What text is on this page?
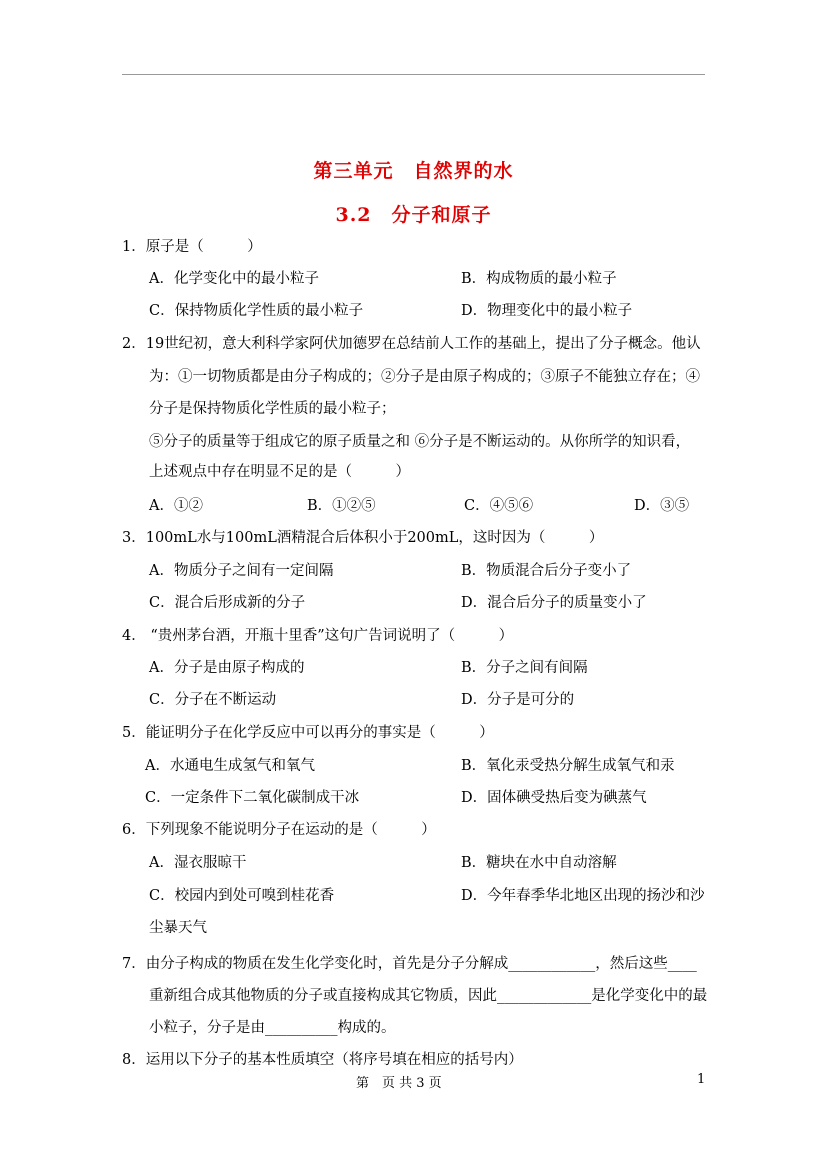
第三单元　自然界的水
3.2　分子和原子
1．原子是（　　　）
A．化学变化中的最小粒子	B．构成物质的最小粒子
C．保持物质化学性质的最小粒子	D．物理变化中的最小粒子
2．19世纪初，意大利科学家阿伏加德罗在总结前人工作的基础上，提出了分子概念。他认
为：①一切物质都是由分子构成的；②分子是由原子构成的；③原子不能独立存在；④
分子是保持物质化学性质的最小粒子；
⑤分子的质量等于组成它的原子质量之和 ⑥分子是不断运动的。从你所学的知识看，
上述观点中存在明显不足的是（　　　）
A．①②	B．①②⑤	C．④⑤⑥	D．③⑤
3．100mL水与100mL酒精混合后体积小于200mL，这时因为（　　　）
A．物质分子之间有一定间隔	B．物质混合后分子变小了
C．混合后形成新的分子	D．混合后分子的质量变小了
4． “贵州茅台酒，开瓶十里香”这句广告词说明了（　　　）
A．分子是由原子构成的	B．分子之间有间隔
C．分子在不断运动	D．分子是可分的
5．能证明分子在化学反应中可以再分的事实是（　　　）
A．水通电生成氢气和氧气	B．氧化汞受热分解生成氧气和汞
C．一定条件下二氧化碳制成干冰	D．固体碘受热后变为碘蒸气
6．下列现象不能说明分子在运动的是（　　　）
A．湿衣服晾干	B．糖块在水中自动溶解
C．校园内到处可嗅到桂花香	D．今年春季华北地区出现的扬沙和沙
尘暴天气
7．由分子构成的物质在发生化学变化时，首先是分子分解成____________，然后这些____
重新组合成其他物质的分子或直接构成其它物质，因此_____________是化学变化中的最
小粒子，分子是由__________构成的。
8．运用以下分子的基本性质填空（将序号填在相应的括号内）
第　页 共 3 页	1
